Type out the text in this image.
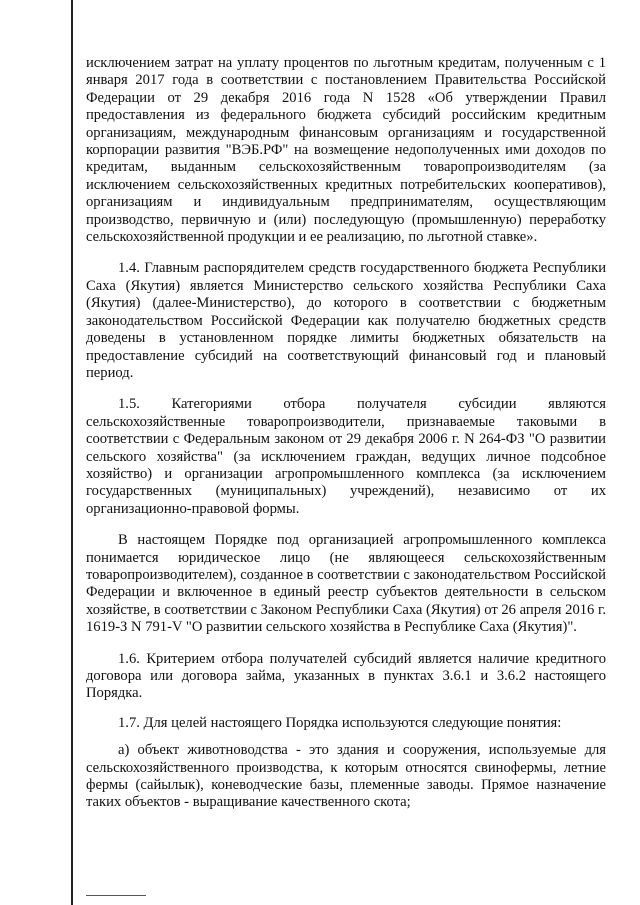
исключением затрат на уплату процентов по льготным кредитам, полученным с 1 января 2017 года в соответствии с постановлением Правительства Российской Федерации от 29 декабря 2016 года N 1528 «Об утверждении Правил предоставления из федерального бюджета субсидий российским кредитным организациям, международным финансовым организациям и государственной корпорации развития "ВЭБ.РФ" на возмещение недополученных ими доходов по кредитам, выданным сельскохозяйственным товаропроизводителям (за исключением сельскохозяйственных кредитных потребительских кооперативов), организациям и индивидуальным предпринимателям, осуществляющим производство, первичную и (или) последующую (промышленную) переработку сельскохозяйственной продукции и ее реализацию, по льготной ставке».

1.4. Главным распорядителем средств государственного бюджета Республики Саха (Якутия) является Министерство сельского хозяйства Республики Саха (Якутия) (далее-Министерство), до которого в соответствии с бюджетным законодательством Российской Федерации как получателю бюджетных средств доведены в установленном порядке лимиты бюджетных обязательств на предоставление субсидий на соответствующий финансовый год и плановый период.

1.5. Категориями отбора получателя субсидии являются сельскохозяйственные товаропроизводители, признаваемые таковыми в соответствии с Федеральным законом от 29 декабря 2006 г. N 264-ФЗ "О развитии сельского хозяйства" (за исключением граждан, ведущих личное подсобное хозяйство) и организации агропромышленного комплекса (за исключением государственных (муниципальных) учреждений), независимо от их организационно-правовой формы.

В настоящем Порядке под организацией агропромышленного комплекса понимается юридическое лицо (не являющееся сельскохозяйственным товаропроизводителем), созданное в соответствии с законодательством Российской Федерации и включенное в единый реестр субъектов деятельности в сельском хозяйстве, в соответствии с Законом Республики Саха (Якутия) от 26 апреля 2016 г. 1619-З N 791-V "О развитии сельского хозяйства в Республике Саха (Якутия)".

1.6. Критерием отбора получателей субсидий является наличие кредитного договора или договора займа, указанных в пунктах 3.6.1 и 3.6.2 настоящего Порядка.

1.7. Для целей настоящего Порядка используются следующие понятия:

а) объект животноводства - это здания и сооружения, используемые для сельскохозяйственного производства, к которым относятся свинофермы, летние фермы (сайылык), коневодческие базы, племенные заводы. Прямое назначение таких объектов - выращивание качественного скота;
